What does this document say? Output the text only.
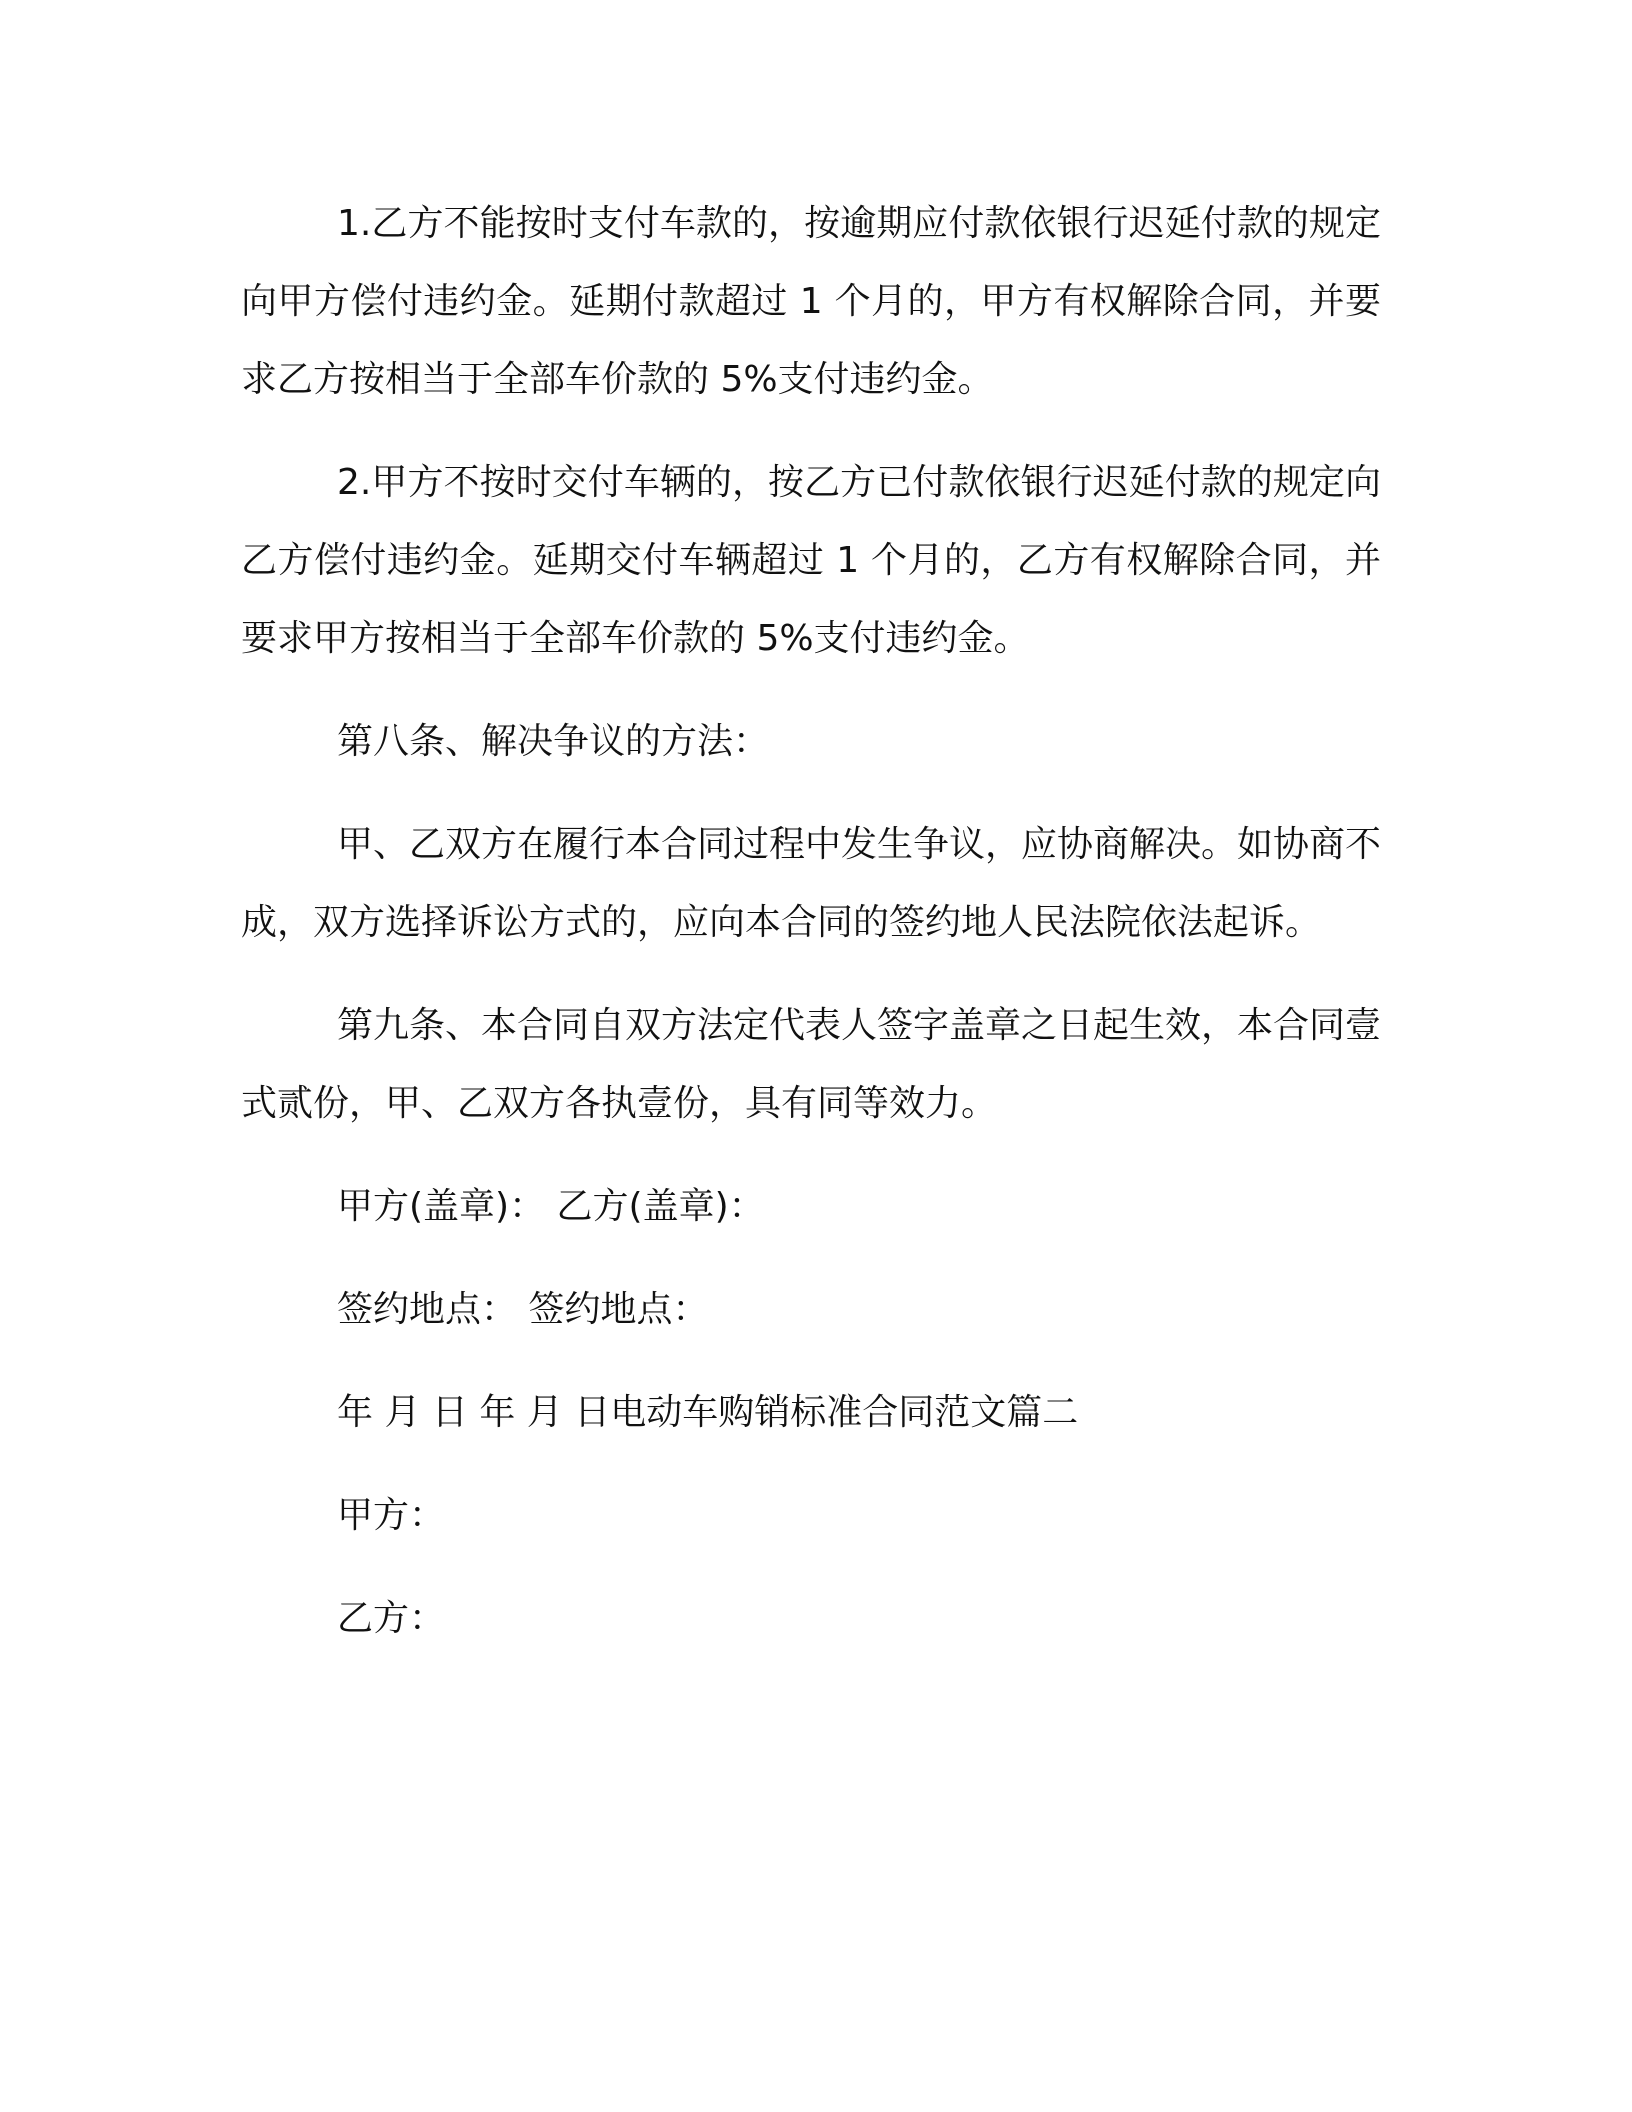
1.乙方不能按时支付车款的，按逾期应付款依银行迟延付款的规定向甲方偿付违约金。延期付款超过 1 个月的，甲方有权解除合同，并要求乙方按相当于全部车价款的 5%支付违约金。

2.甲方不按时交付车辆的，按乙方已付款依银行迟延付款的规定向乙方偿付违约金。延期交付车辆超过 1 个月的，乙方有权解除合同，并要求甲方按相当于全部车价款的 5%支付违约金。

第八条、解决争议的方法：

甲、乙双方在履行本合同过程中发生争议，应协商解决。如协商不成，双方选择诉讼方式的，应向本合同的签约地人民法院依法起诉。

第九条、本合同自双方法定代表人签字盖章之日起生效，本合同壹式贰份，甲、乙双方各执壹份，具有同等效力。

甲方(盖章)： 乙方(盖章)：

签约地点： 签约地点：

年 月 日 年 月 日电动车购销标准合同范文篇二

甲方：

乙方：
